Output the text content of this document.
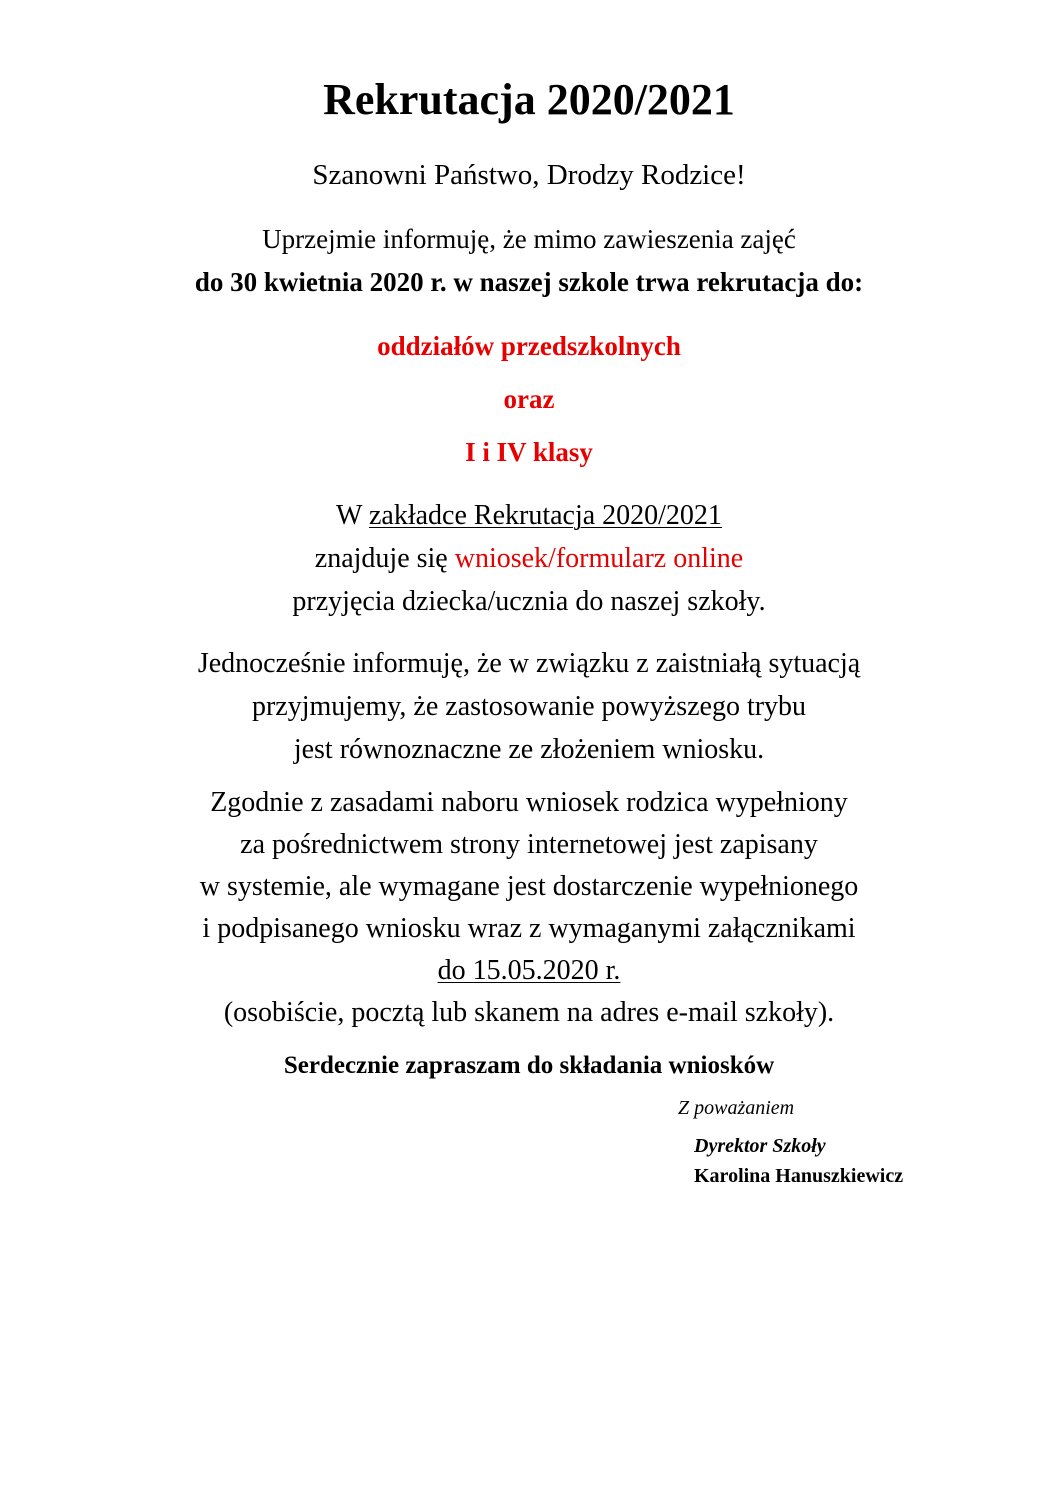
Rekrutacja 2020/2021
Szanowni Państwo, Drodzy Rodzice!
Uprzejmie informuję, że mimo zawieszenia zajęć
do 30 kwietnia 2020 r. w naszej szkole trwa rekrutacja do:
oddziałów przedszkolnych
oraz
I i IV klasy
W zakładce Rekrutacja 2020/2021
znajduje się wniosek/formularz online
przyjęcia dziecka/ucznia do naszej szkoły.
Jednocześnie informuję, że w związku z zaistniałą sytuacją
przyjmujemy, że zastosowanie powyższego trybu
jest równoznaczne ze złożeniem wniosku.
Zgodnie z zasadami naboru wniosek rodzica wypełniony
za pośrednictwem strony internetowej jest zapisany
w systemie, ale wymagane jest dostarczenie wypełnionego
i podpisanego wniosku wraz z wymaganymi załącznikami
do 15.05.2020 r.
(osobiście, pocztą lub skanem na adres e-mail szkoły).
Serdecznie zapraszam do składania wniosków
Z poważaniem
Dyrektor Szkoły
Karolina Hanuszkiewicz
